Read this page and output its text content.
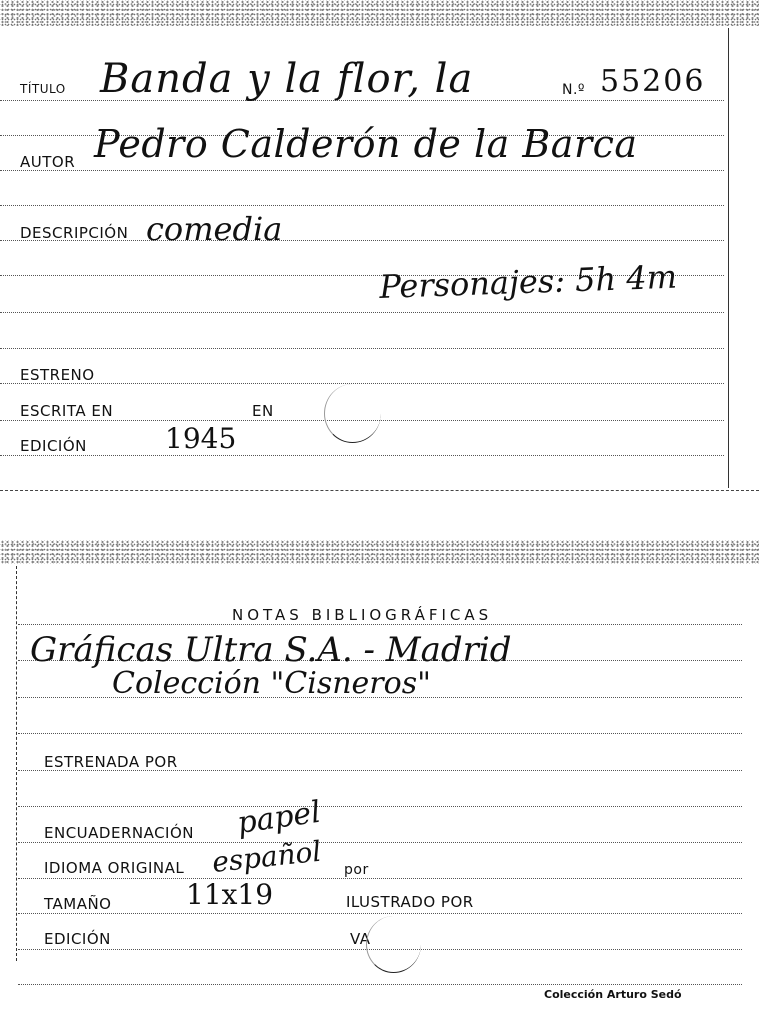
TÍTULO Banda y la flor, la	N.º 55206
AUTOR Pedro Calderón de la Barca
DESCRIPCIÓN comedia
Personajes: 5h 4m
ESTRENO
ESCRITA EN	EN
EDICIÓN	1945
NOTAS BIBLIOGRÁFICAS
Gráficas Ultra S.A. - Madrid
Colección "Cisneros"
ESTRENADA POR
ENCUADERNACIÓN papel
IDIOMA ORIGINAL español por
TAMAÑO	11x19	ILUSTRADO POR
EDICIÓN	VA
Colección Arturo Sedó
